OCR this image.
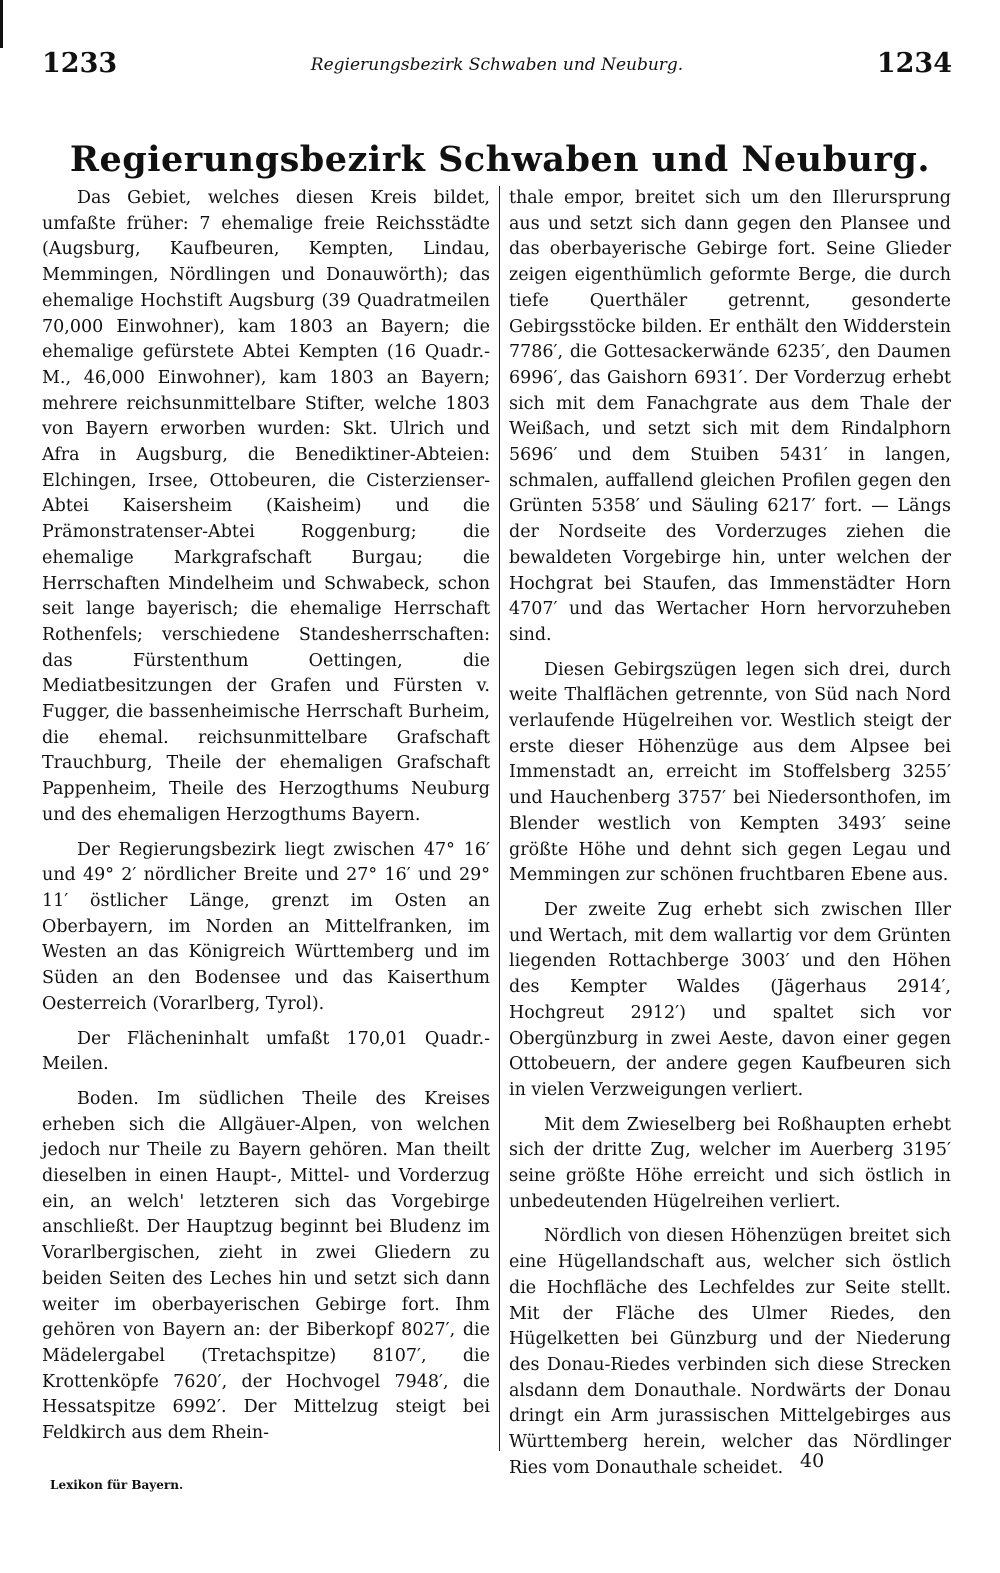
1233	Regierungsbezirk Schwaben und Neuburg.	1234
Regierungsbezirk Schwaben und Neuburg.

Das Gebiet, welches diesen Kreis bildet, umfaßte früher: 7 ehemalige freie Reichsstädte (Augsburg, Kaufbeuren, Kempten, Lindau, Memmingen, Nördlingen und Donauwörth); das ehemalige Hochstift Augsburg (39 Quadratmeilen 70,000 Einwohner), kam 1803 an Bayern; die ehemalige gefürstete Abtei Kempten (16 Quadr.-M., 46,000 Einwohner), kam 1803 an Bayern; mehrere reichsunmittelbare Stifter, welche 1803 von Bayern erworben wurden: Skt. Ulrich und Afra in Augsburg, die Benediktiner-Abteien: Elchingen, Irsee, Ottobeuren, die Cisterzienser-Abtei Kaisersheim (Kaisheim) und die Prämonstratenser-Abtei Roggenburg; die ehemalige Markgrafschaft Burgau; die Herrschaften Mindelheim und Schwabeck, schon seit lange bayerisch; die ehemalige Herrschaft Rothenfels; verschiedene Standesherrschaften: das Fürstenthum Oettingen, die Mediatbesitzungen der Grafen und Fürsten v. Fugger, die bassenheimische Herrschaft Burheim, die ehemal. reichsunmittelbare Grafschaft Trauchburg, Theile der ehemaligen Grafschaft Pappenheim, Theile des Herzogthums Neuburg und des ehemaligen Herzogthums Bayern.

Der Regierungsbezirk liegt zwischen 47° 16′ und 49° 2′ nördlicher Breite und 27° 16′ und 29° 11′ östlicher Länge, grenzt im Osten an Oberbayern, im Norden an Mittelfranken, im Westen an das Königreich Württemberg und im Süden an den Bodensee und das Kaiserthum Oesterreich (Vorarlberg, Tyrol).

Der Flächeninhalt umfaßt 170,01 Quadr.-Meilen.

Boden. Im südlichen Theile des Kreises erheben sich die Allgäuer-Alpen, von welchen jedoch nur Theile zu Bayern gehören. Man theilt dieselben in einen Haupt-, Mittel- und Vorderzug ein, an welch' letzteren sich das Vorgebirge anschließt. Der Hauptzug beginnt bei Bludenz im Vorarlbergischen, zieht in zwei Gliedern zu beiden Seiten des Leches hin und setzt sich dann weiter im oberbayerischen Gebirge fort. Ihm gehören von Bayern an: der Biberkopf 8027′, die Mädelergabel (Tretachspitze) 8107′, die Krottenköpfe 7620′, der Hochvogel 7948′, die Hessatspitze 6992′. Der Mittelzug steigt bei Feldkirch aus dem Rhein-

thale empor, breitet sich um den Illerursprung aus und setzt sich dann gegen den Plansee und das oberbayerische Gebirge fort. Seine Glieder zeigen eigenthümlich geformte Berge, die durch tiefe Querthäler getrennt, gesonderte Gebirgsstöcke bilden. Er enthält den Widderstein 7786′, die Gottesackerwände 6235′, den Daumen 6996′, das Gaishorn 6931′. Der Vorderzug erhebt sich mit dem Fanachgrate aus dem Thale der Weißach, und setzt sich mit dem Rindalphorn 5696′ und dem Stuiben 5431′ in langen, schmalen, auffallend gleichen Profilen gegen den Grünten 5358′ und Säuling 6217′ fort. — Längs der Nordseite des Vorderzuges ziehen die bewaldeten Vorgebirge hin, unter welchen der Hochgrat bei Staufen, das Immenstädter Horn 4707′ und das Wertacher Horn hervorzuheben sind.

Diesen Gebirgszügen legen sich drei, durch weite Thalflächen getrennte, von Süd nach Nord verlaufende Hügelreihen vor. Westlich steigt der erste dieser Höhenzüge aus dem Alpsee bei Immenstadt an, erreicht im Stoffelsberg 3255′ und Hauchenberg 3757′ bei Niedersonthofen, im Blender westlich von Kempten 3493′ seine größte Höhe und dehnt sich gegen Legau und Memmingen zur schönen fruchtbaren Ebene aus.

Der zweite Zug erhebt sich zwischen Iller und Wertach, mit dem wallartig vor dem Grünten liegenden Rottachberge 3003′ und den Höhen des Kempter Waldes (Jägerhaus 2914′, Hochgreut 2912′) und spaltet sich vor Obergünzburg in zwei Aeste, davon einer gegen Ottobeuern, der andere gegen Kaufbeuren sich in vielen Verzweigungen verliert.

Mit dem Zwieselberg bei Roßhaupten erhebt sich der dritte Zug, welcher im Auerberg 3195′ seine größte Höhe erreicht und sich östlich in unbedeutenden Hügelreihen verliert.

Nördlich von diesen Höhenzügen breitet sich eine Hügellandschaft aus, welcher sich östlich die Hochfläche des Lechfeldes zur Seite stellt. Mit der Fläche des Ulmer Riedes, den Hügelketten bei Günzburg und der Niederung des Donau-Riedes verbinden sich diese Strecken alsdann dem Donauthale. Nordwärts der Donau dringt ein Arm jurassischen Mittelgebirges aus Württemberg herein, welcher das Nördlinger Ries vom Donauthale scheidet. 40
Lexikon für Bayern.
